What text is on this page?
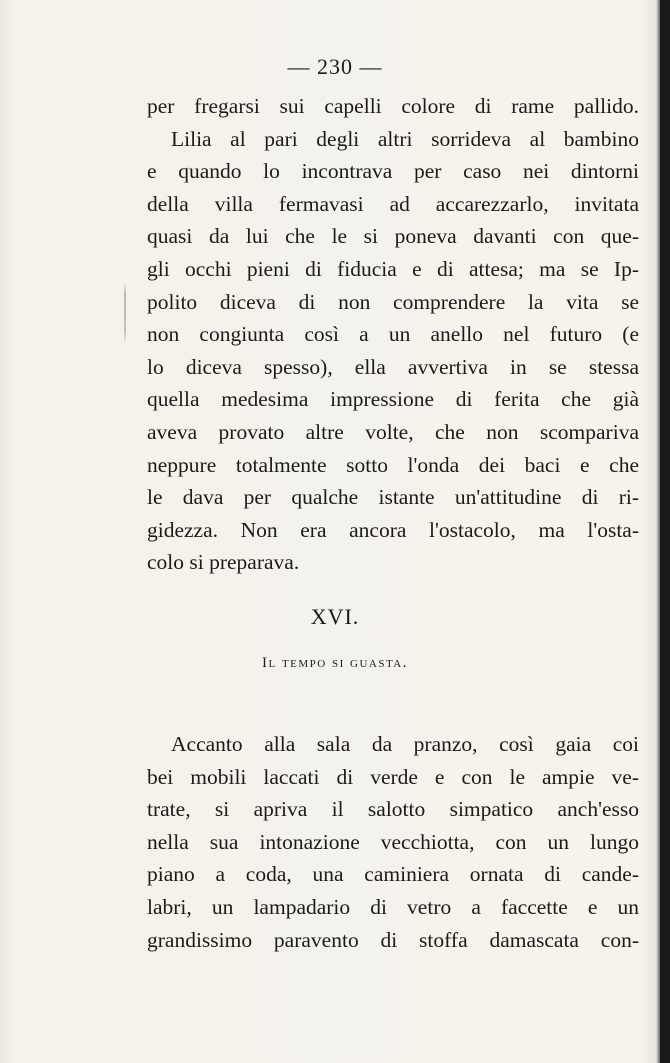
— 230 —

per fregarsi sui capelli colore di rame pallido.
Lilia al pari degli altri sorrideva al bambino
e quando lo incontrava per caso nei dintorni
della villa fermavasi ad accarezzarlo, invitata
quasi da lui che le si poneva davanti con que-
gli occhi pieni di fiducia e di attesa; ma se Ip-
polito diceva di non comprendere la vita se
non congiunta così a un anello nel futuro (e
lo diceva spesso), ella avvertiva in se stessa
quella medesima impressione di ferita che già
aveva provato altre volte, che non scompariva
neppure totalmente sotto l'onda dei baci e che
le dava per qualche istante un'attitudine di ri-
gidezza. Non era ancora l'ostacolo, ma l'osta-
colo si preparava.

XVI.
Il tempo si guasta.

Accanto alla sala da pranzo, così gaia coi
bei mobili laccati di verde e con le ampie ve-
trate, si apriva il salotto simpatico anch'esso
nella sua intonazione vecchiotta, con un lungo
piano a coda, una caminiera ornata di cande-
labri, un lampadario di vetro a faccette e un
grandissimo paravento di stoffa damascata con-
